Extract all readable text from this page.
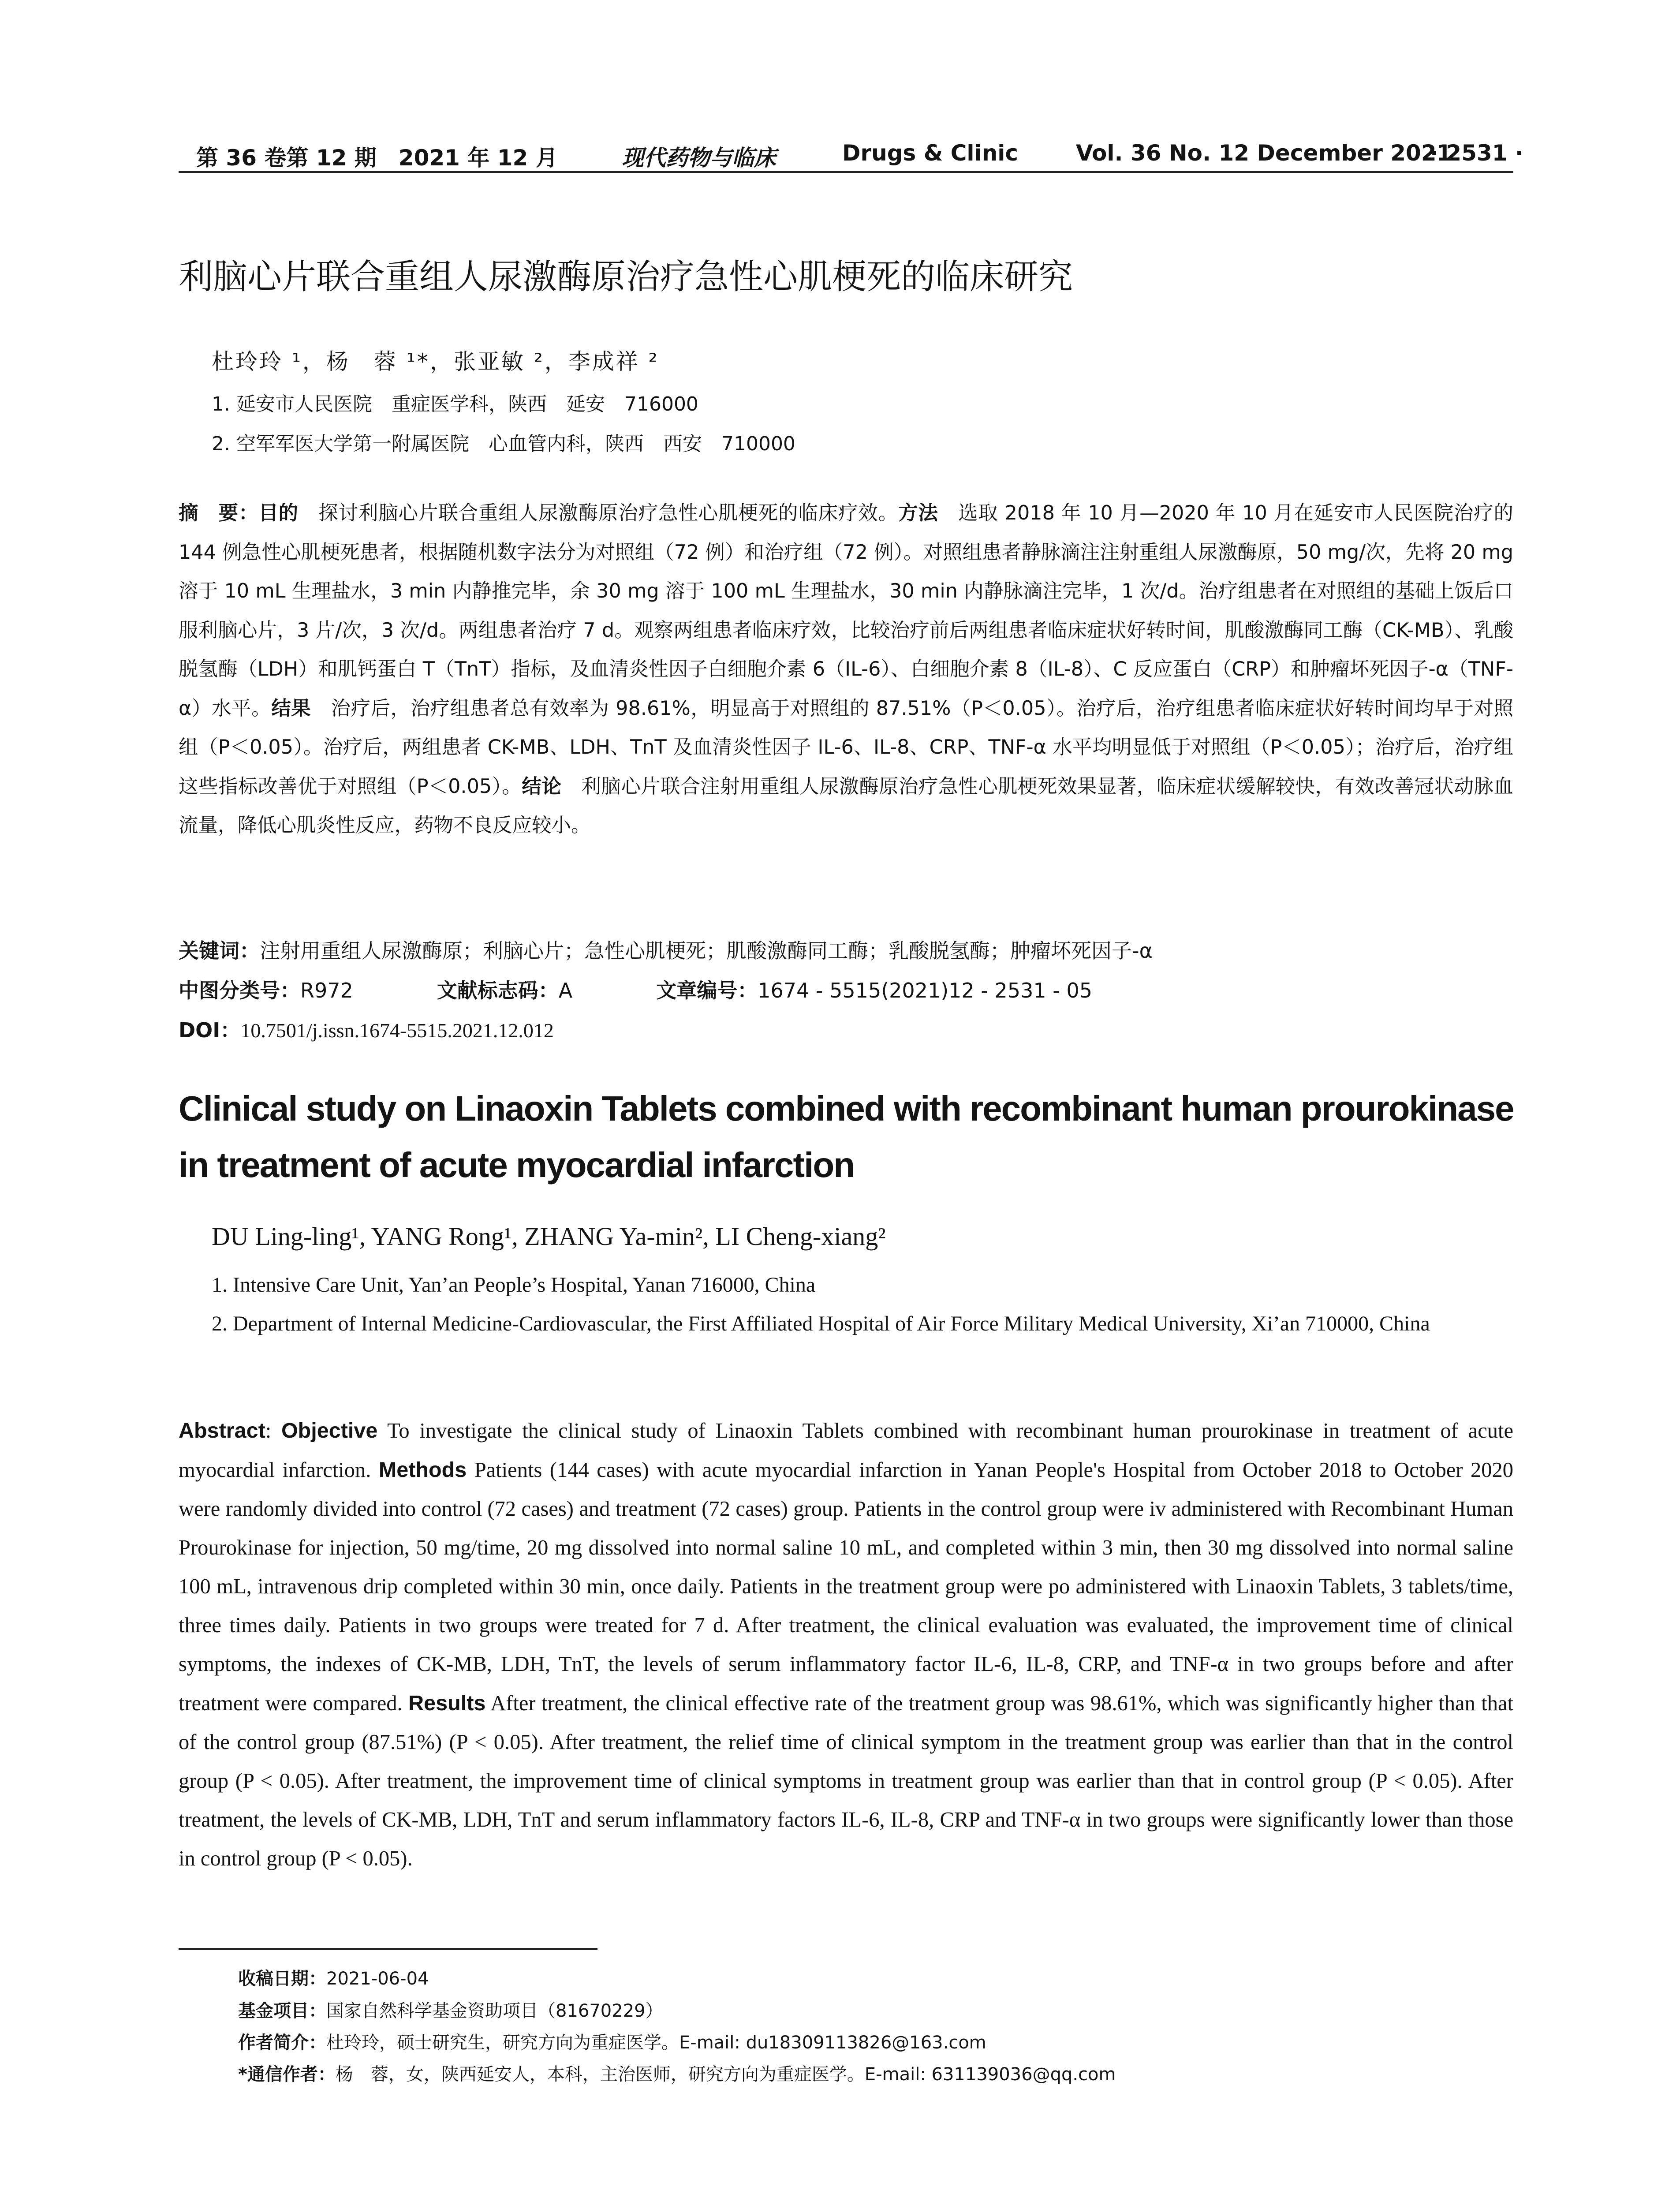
第 36 卷第 12 期　2021 年 12 月	现代药物与临床	Drugs & Clinic	Vol. 36 No. 12 December 2021
· 2531 ·
利脑心片联合重组人尿激酶原治疗急性心肌梗死的临床研究
杜玲玲 ¹，杨　蓉 ¹*，张亚敏 ²，李成祥 ²
1. 延安市人民医院　重症医学科，陕西　延安　716000
2. 空军军医大学第一附属医院　心血管内科，陕西　西安　710000

摘　要：目的　探讨利脑心片联合重组人尿激酶原治疗急性心肌梗死的临床疗效。方法　选取 2018 年 10 月—2020 年 10 月在延安市人民医院治疗的 144 例急性心肌梗死患者，根据随机数字法分为对照组（72 例）和治疗组（72 例）。对照组患者静脉滴注注射重组人尿激酶原，50 mg/次，先将 20 mg 溶于 10 mL 生理盐水，3 min 内静推完毕，余 30 mg 溶于 100 mL 生理盐水，30 min 内静脉滴注完毕，1 次/d。治疗组患者在对照组的基础上饭后口服利脑心片，3 片/次，3 次/d。两组患者治疗 7 d。观察两组患者临床疗效，比较治疗前后两组患者临床症状好转时间，肌酸激酶同工酶（CK-MB）、乳酸脱氢酶（LDH）和肌钙蛋白 T（TnT）指标，及血清炎性因子白细胞介素 6（IL-6）、白细胞介素 8（IL-8）、C 反应蛋白（CRP）和肿瘤坏死因子-α（TNF-α）水平。结果　治疗后，治疗组患者总有效率为 98.61%，明显高于对照组的 87.51%（P＜0.05）。治疗后，治疗组患者临床症状好转时间均早于对照组（P＜0.05）。治疗后，两组患者 CK-MB、LDH、TnT 及血清炎性因子 IL-6、IL-8、CRP、TNF-α 水平均明显低于对照组（P＜0.05）；治疗后，治疗组这些指标改善优于对照组（P＜0.05）。结论　利脑心片联合注射用重组人尿激酶原治疗急性心肌梗死效果显著，临床症状缓解较快，有效改善冠状动脉血流量，降低心肌炎性反应，药物不良反应较小。

关键词：注射用重组人尿激酶原；利脑心片；急性心肌梗死；肌酸激酶同工酶；乳酸脱氢酶；肿瘤坏死因子-α
中图分类号：R972	文献标志码：A	文章编号：1674 - 5515(2021)12 - 2531 - 05
DOI：10.7501/j.issn.1674-5515.2021.12.012

Clinical study on Linaoxin Tablets combined with recombinant human prourokinase in treatment of acute myocardial infarction

DU Ling-ling¹, YANG Rong¹, ZHANG Ya-min², LI Cheng-xiang²
1. Intensive Care Unit, Yan’an People’s Hospital, Yanan 716000, China
2. Department of Internal Medicine-Cardiovascular, the First Affiliated Hospital of Air Force Military Medical University, Xi’an 710000, China

Abstract: Objective To investigate the clinical study of Linaoxin Tablets combined with recombinant human prourokinase in treatment of acute myocardial infarction. Methods Patients (144 cases) with acute myocardial infarction in Yanan People's Hospital from October 2018 to October 2020 were randomly divided into control (72 cases) and treatment (72 cases) group. Patients in the control group were iv administered with Recombinant Human Prourokinase for injection, 50 mg/time, 20 mg dissolved into normal saline 10 mL, and completed within 3 min, then 30 mg dissolved into normal saline 100 mL, intravenous drip completed within 30 min, once daily. Patients in the treatment group were po administered with Linaoxin Tablets, 3 tablets/time, three times daily. Patients in two groups were treated for 7 d. After treatment, the clinical evaluation was evaluated, the improvement time of clinical symptoms, the indexes of CK-MB, LDH, TnT, the levels of serum inflammatory factor IL-6, IL-8, CRP, and TNF-α in two groups before and after treatment were compared. Results After treatment, the clinical effective rate of the treatment group was 98.61%, which was significantly higher than that of the control group (87.51%) (P < 0.05). After treatment, the relief time of clinical symptom in the treatment group was earlier than that in the control group (P < 0.05). After treatment, the improvement time of clinical symptoms in treatment group was earlier than that in control group (P < 0.05). After treatment, the levels of CK-MB, LDH, TnT and serum inflammatory factors IL-6, IL-8, CRP and TNF-α in two groups were significantly lower than those in control group (P < 0.05).

收稿日期：2021-06-04
基金项目：国家自然科学基金资助项目（81670229）
作者简介：杜玲玲，硕士研究生，研究方向为重症医学。E-mail: du18309113826@163.com
*通信作者：杨　蓉，女，陕西延安人，本科，主治医师，研究方向为重症医学。E-mail: 631139036@qq.com
